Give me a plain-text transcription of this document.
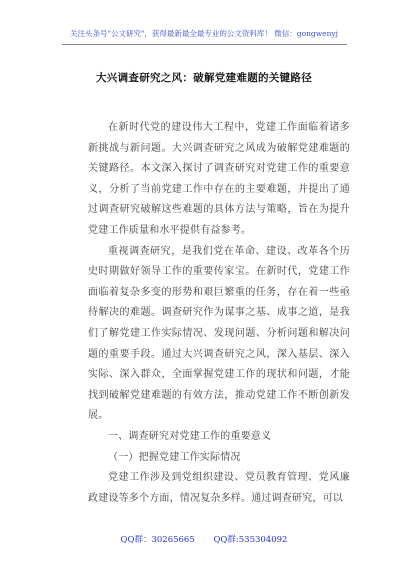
关注头条号"公文研究"，获得最新最全最专业的公文资料库！ 微信：gongwenyj
大兴调查研究之风：破解党建难题的关键路径

在新时代党的建设伟大工程中，党建工作面临着诸多新挑战与新问题。大兴调查研究之风成为破解党建难题的关键路径。本文深入探讨了调查研究对党建工作的重要意义，分析了当前党建工作中存在的主要难题，并提出了通过调查研究破解这些难题的具体方法与策略，旨在为提升党建工作质量和水平提供有益参考。

重视调查研究，是我们党在革命、建设、改革各个历史时期做好领导工作的重要传家宝。在新时代，党建工作面临着复杂多变的形势和艰巨繁重的任务，存在着一些亟待解决的难题。调查研究作为谋事之基、成事之道，是我们了解党建工作实际情况、发现问题、分析问题和解决问题的重要手段。通过大兴调查研究之风，深入基层、深入实际、深入群众，全面掌握党建工作的现状和问题，才能找到破解党建难题的有效方法，推动党建工作不断创新发展。

一、调查研究对党建工作的重要意义

（一）把握党建工作实际情况

党建工作涉及到党组织建设、党员教育管理、党风廉政建设等多个方面，情况复杂多样。通过调查研究，可以

QQ群：30265665 QQ群:535304092
